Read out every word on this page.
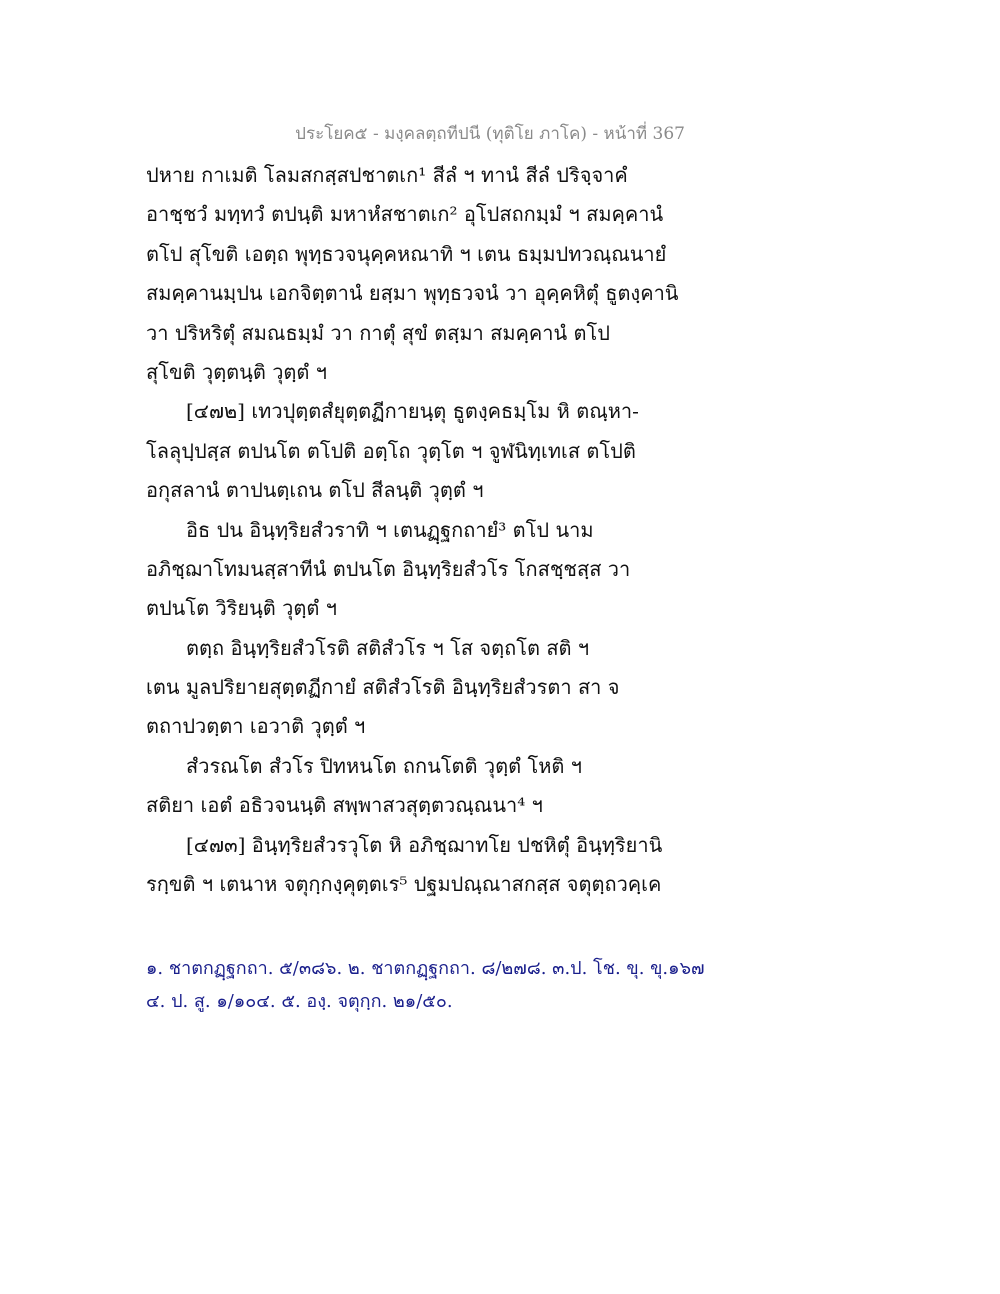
ประโยค๕ - มงฺคลตฺถทีปนี (ทุติโย ภาโค) - หน้าที่ 367
ปหาย กาเมติ โลมสกสฺสปชาตเก¹ สีลํ ฯ ทานํ สีลํ ปริจฺจาคํ
อาชฺชวํ มทฺทวํ ตปนฺติ มหาหํสชาตเก² อุโปสถกมฺมํ ฯ สมคฺคานํ
ตโป สุโขติ เอตฺถ พุทฺธวจนุคฺคหณาทิ ฯ เตน ธมฺมปทวณฺณนายํ
สมคฺคานมฺปน เอกจิตฺตานํ ยสฺมา พุทฺธวจนํ วา อุคฺคหิตุํ ธูตงฺคานิ
วา ปริหริตุํ สมณธมฺมํ วา กาตุํ สุขํ ตสฺมา สมคฺคานํ ตโป
สุโขติ วุตฺตนฺติ วุตฺตํ ฯ
[๔๗๒] เทวปุตฺตสํยุตฺตฏีกายนฺตุ ธูตงฺคธมฺโม หิ ตณฺหา-
โลลุปฺปสฺส ตปนโต ตโปติ อตฺโถ วุตฺโต ฯ จูฬนิทฺเทเส ตโปติ
อกุสลานํ ตาปนตฺเถน ตโป สีลนฺติ วุตฺตํ ฯ
อิธ ปน อินฺทฺริยสํวราทิ ฯ เตนฏฺฐกถายํ³ ตโป นาม
อภิชฺฌาโทมนสฺสาทีนํ ตปนโต อินฺทฺริยสํวโร โกสชฺชสฺส วา
ตปนโต วิริยนฺติ วุตฺตํ ฯ
ตตฺถ อินฺทฺริยสํวโรติ สติสํวโร ฯ โส จตฺถโต สติ ฯ
เตน มูลปริยายสุตฺตฏีกายํ สติสํวโรติ อินฺทฺริยสํวรตา สา จ
ตถาปวตฺตา เอวาติ วุตฺตํ ฯ
สํวรณโต สํวโร ปิทหนโต ถกนโตติ วุตฺตํ โหติ ฯ
สติยา เอตํ อธิวจนนฺติ สพฺพาสวสุตฺตวณฺณนา⁴ ฯ
[๔๗๓] อินฺทฺริยสํวรวุโต หิ อภิชฺฌาทโย ปชหิตุํ อินฺทฺริยานิ
รกฺขติ ฯ เตนาห จตุกฺกงฺคุตฺตเร⁵ ปฐมปณฺณาสกสฺส จตุตฺถวคฺเค
๑. ชาตกฏฺฐกถา. ๕/๓๘๖. ๒. ชาตกฏฺฐกถา. ๘/๒๗๘. ๓.ป. โช. ขุ. ขุ.๑๖๗
๔. ป. สู. ๑/๑๐๔. ๕. องฺ. จตุกฺก. ๒๑/๕๐.
